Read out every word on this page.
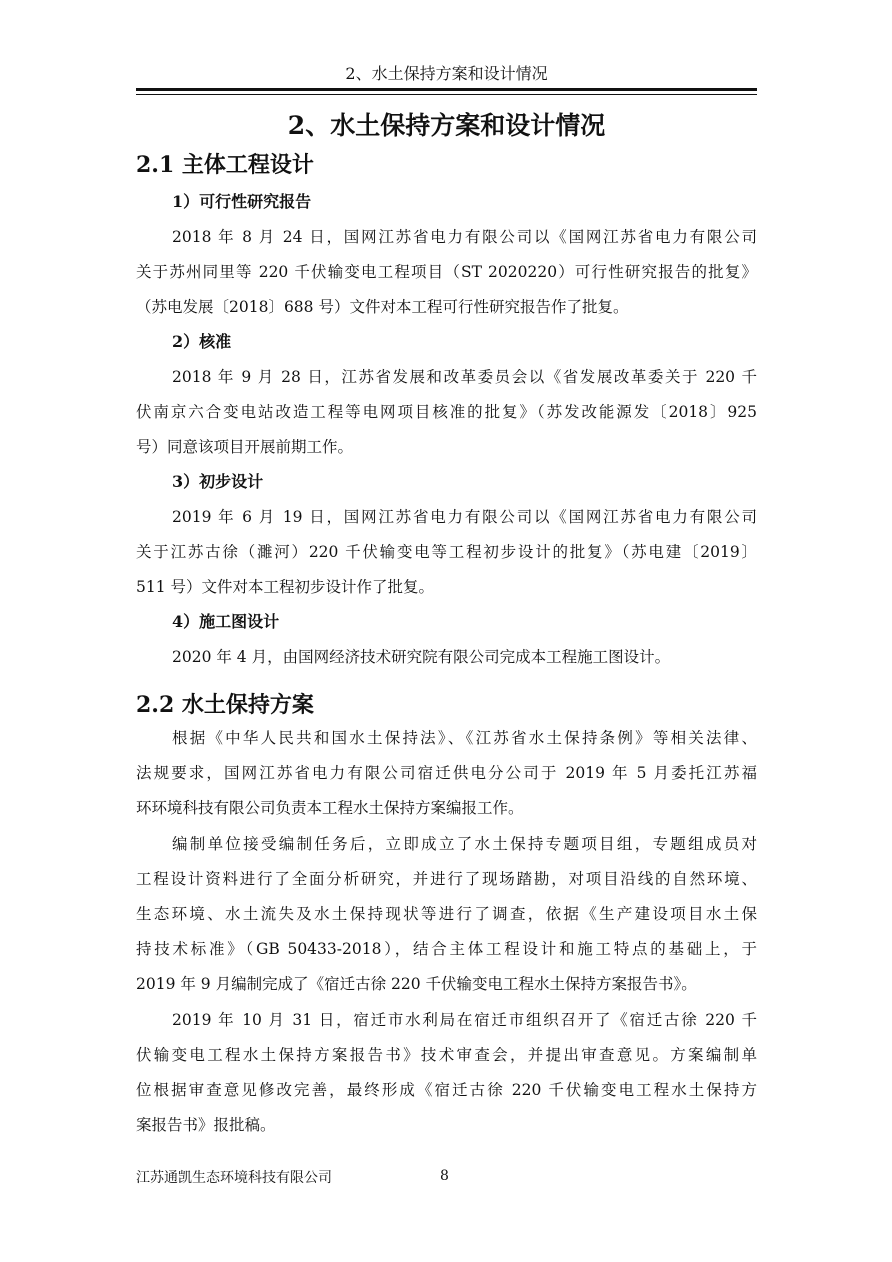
2、水土保持方案和设计情况
2、水土保持方案和设计情况
2.1 主体工程设计
1）可行性研究报告
2018 年 8 月 24 日，国网江苏省电力有限公司以《国网江苏省电力有限公司
关于苏州同里等 220 千伏输变电工程项目（ST 2020220）可行性研究报告的批复》
（苏电发展〔2018〕688 号）文件对本工程可行性研究报告作了批复。
2）核准
2018 年 9 月 28 日，江苏省发展和改革委员会以《省发展改革委关于 220 千
伏南京六合变电站改造工程等电网项目核准的批复》（苏发改能源发〔2018〕925
号）同意该项目开展前期工作。
3）初步设计
2019 年 6 月 19 日，国网江苏省电力有限公司以《国网江苏省电力有限公司
关于江苏古徐（濉河）220 千伏输变电等工程初步设计的批复》（苏电建〔2019〕
511 号）文件对本工程初步设计作了批复。
4）施工图设计
2020 年 4 月，由国网经济技术研究院有限公司完成本工程施工图设计。
2.2 水土保持方案
根据《中华人民共和国水土保持法》、《江苏省水土保持条例》等相关法律、
法规要求，国网江苏省电力有限公司宿迁供电分公司于 2019 年 5 月委托江苏福
环环境科技有限公司负责本工程水土保持方案编报工作。
编制单位接受编制任务后，立即成立了水土保持专题项目组，专题组成员对
工程设计资料进行了全面分析研究，并进行了现场踏勘，对项目沿线的自然环境、
生态环境、水土流失及水土保持现状等进行了调查，依据《生产建设项目水土保
持技术标准》（GB 50433-2018），结合主体工程设计和施工特点的基础上，于
2019 年 9 月编制完成了《宿迁古徐 220 千伏输变电工程水土保持方案报告书》。
2019 年 10 月 31 日，宿迁市水利局在宿迁市组织召开了《宿迁古徐 220 千
伏输变电工程水土保持方案报告书》技术审查会，并提出审查意见。方案编制单
位根据审查意见修改完善，最终形成《宿迁古徐 220 千伏输变电工程水土保持方
案报告书》报批稿。
江苏通凯生态环境科技有限公司	8
